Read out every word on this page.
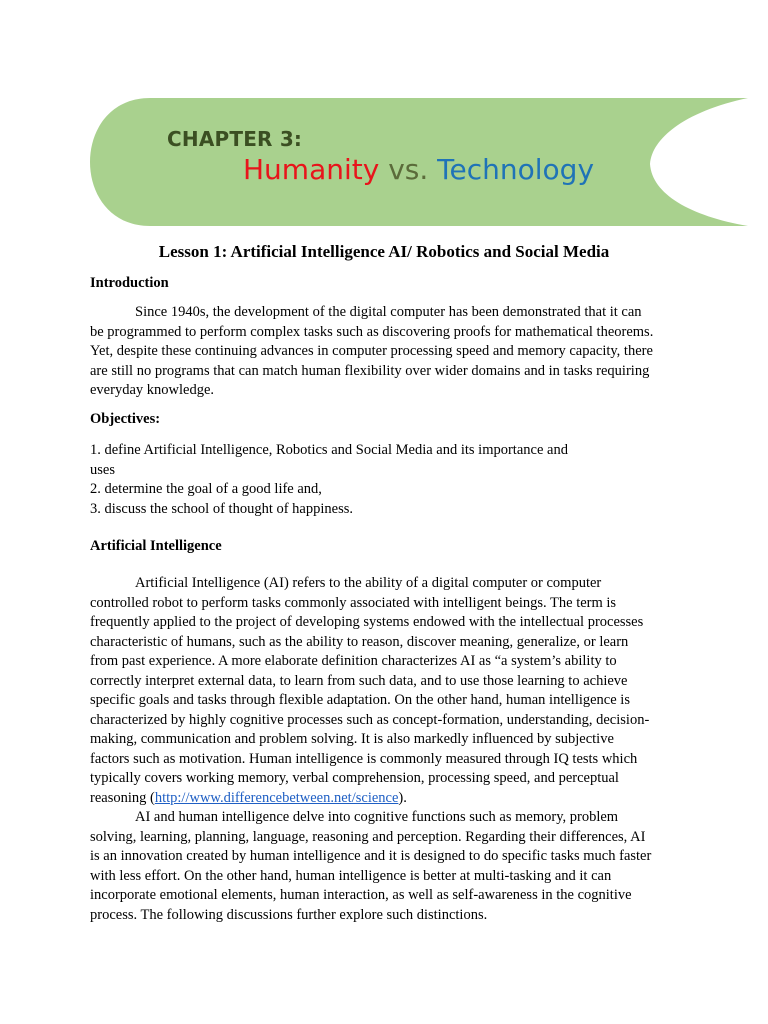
CHAPTER 3:
Humanity vs. Technology
Lesson 1: Artificial Intelligence AI/ Robotics and Social Media
Introduction

Since 1940s, the development of the digital computer has been demonstrated that it can
be programmed to perform complex tasks such as discovering proofs for mathematical theorems.
Yet, despite these continuing advances in computer processing speed and memory capacity, there
are still no programs that can match human flexibility over wider domains and in tasks requiring
everyday knowledge.

Objectives:
1. define Artificial Intelligence, Robotics and Social Media and its importance and
uses
2. determine the goal of a good life and,
3. discuss the school of thought of happiness.
Artificial Intelligence

Artificial Intelligence (AI) refers to the ability of a digital computer or computer
controlled robot to perform tasks commonly associated with intelligent beings. The term is
frequently applied to the project of developing systems endowed with the intellectual processes
characteristic of humans, such as the ability to reason, discover meaning, generalize, or learn
from past experience. A more elaborate definition characterizes AI as “a system’s ability to
correctly interpret external data, to learn from such data, and to use those learning to achieve
specific goals and tasks through flexible adaptation. On the other hand, human intelligence is
characterized by highly cognitive processes such as concept-formation, understanding, decision-
making, communication and problem solving. It is also markedly influenced by subjective
factors such as motivation. Human intelligence is commonly measured through IQ tests which
typically covers working memory, verbal comprehension, processing speed, and perceptual
reasoning (http://www.differencebetween.net/science).
AI and human intelligence delve into cognitive functions such as memory, problem
solving, learning, planning, language, reasoning and perception. Regarding their differences, AI
is an innovation created by human intelligence and it is designed to do specific tasks much faster
with less effort. On the other hand, human intelligence is better at multi-tasking and it can
incorporate emotional elements, human interaction, as well as self-awareness in the cognitive
process. The following discussions further explore such distinctions.
